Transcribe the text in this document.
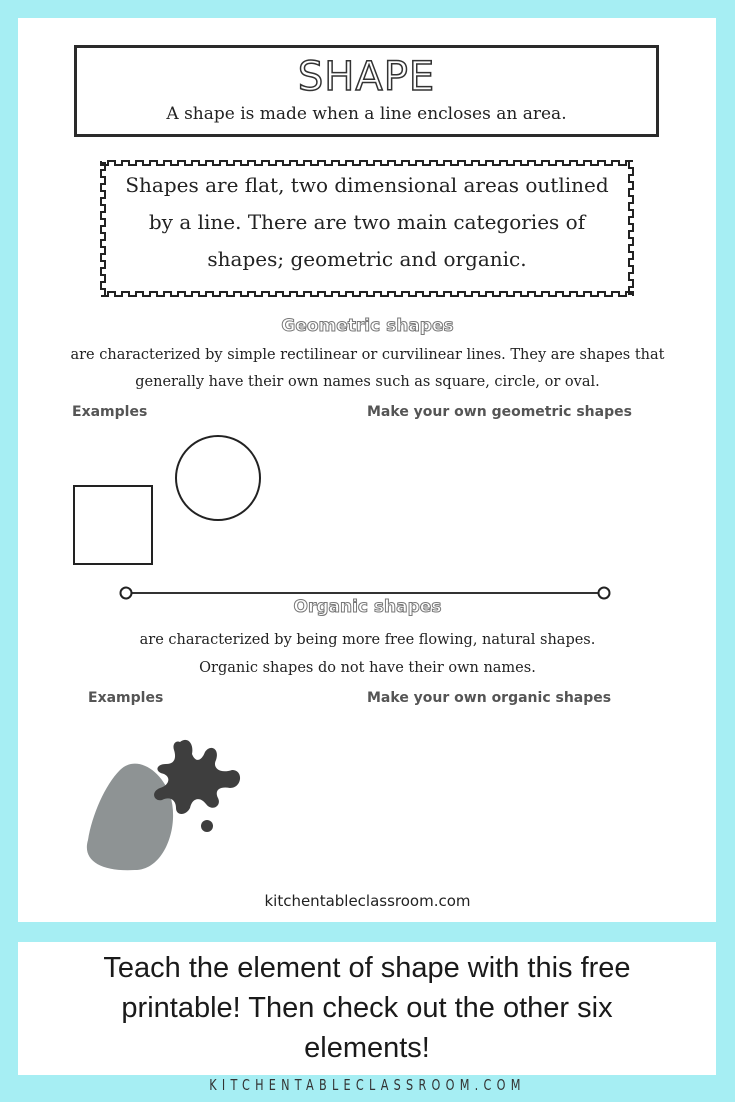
SHAPE
A shape is made when a line encloses an area.

Shapes are flat, two dimensional areas outlined

by a line. There are two main categories of

shapes; geometric and organic.

Geometric shapes
are characterized by simple rectilinear or curvilinear lines. They are shapes that
generally have their own names such as square, circle, or oval.
Examples	Make your own geometric shapes
Organic shapes
are characterized by being more free flowing, natural shapes.
Organic shapes do not have their own names.
Examples	Make your own organic shapes
kitchentableclassroom.com
Teach the element of shape with this free
printable! Then check out the other six
elements!
KITCHENTABLECLASSROOM.COM
